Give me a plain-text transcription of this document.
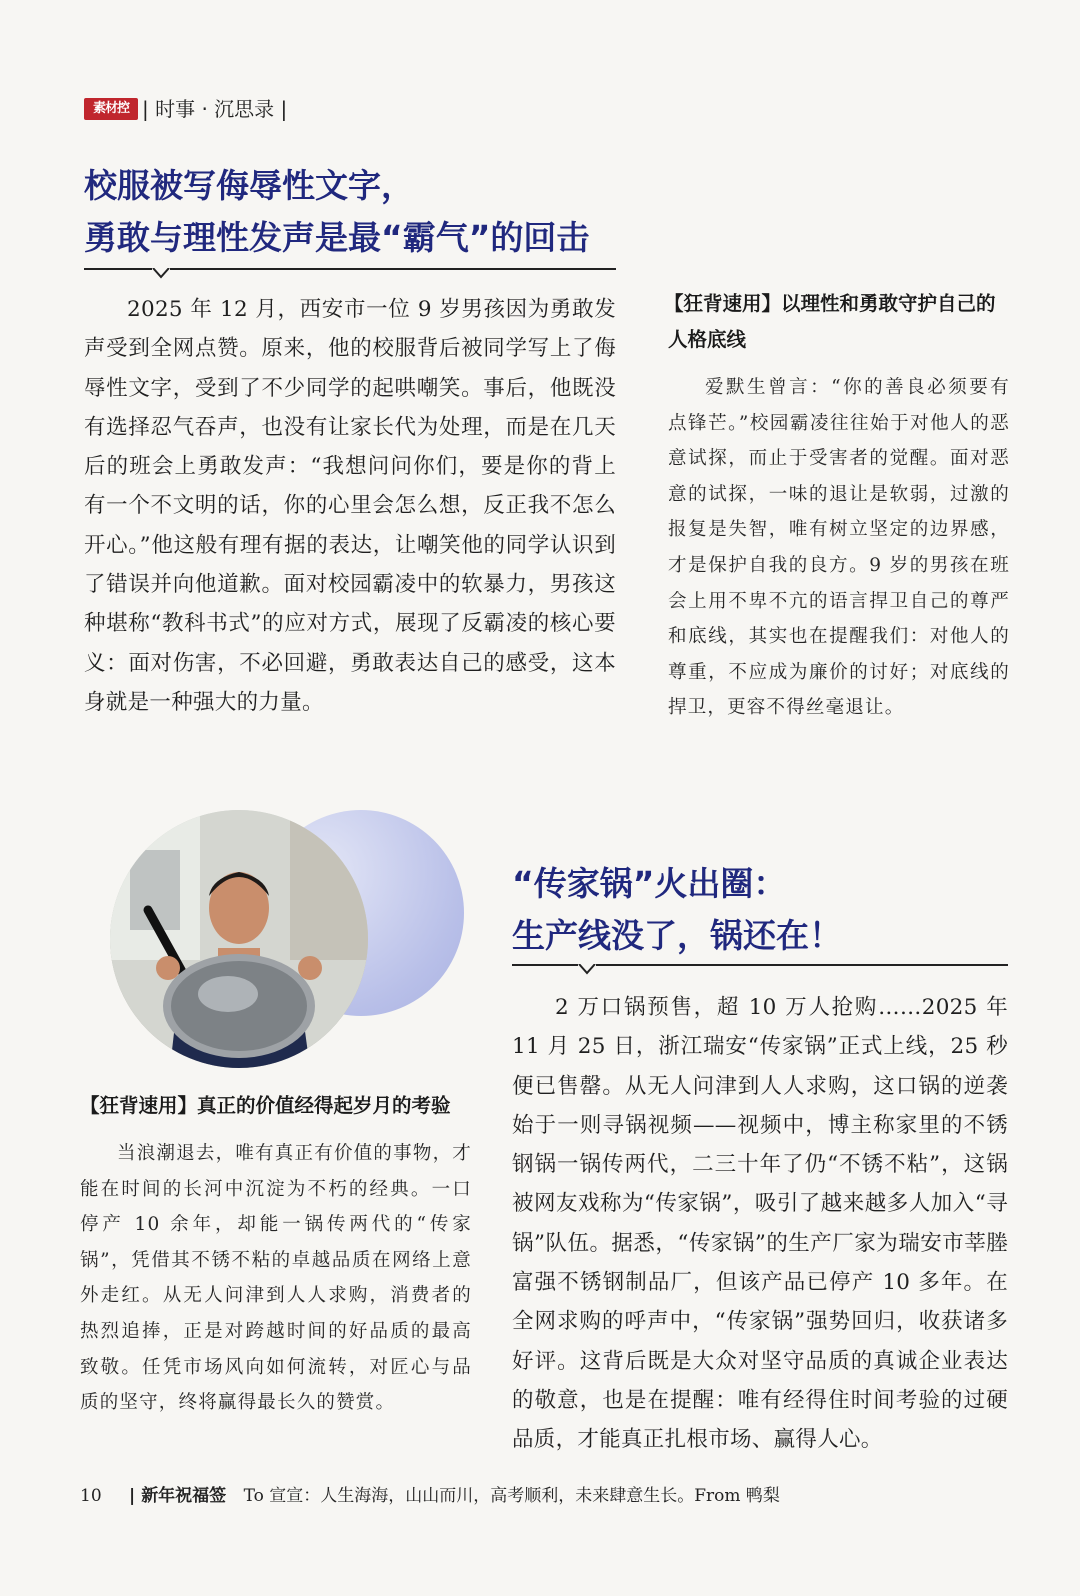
素材控 | 时事 · 沉思录 |
校服被写侮辱性文字，
勇敢与理性发声是最“霸气”的回击

2025 年 12 月，西安市一位 9 岁男孩因为勇敢发声受到全网点赞。原来，他的校服背后被同学写上了侮辱性文字，受到了不少同学的起哄嘲笑。事后，他既没有选择忍气吞声，也没有让家长代为处理，而是在几天后的班会上勇敢发声：“我想问问你们，要是你的背上有一个不文明的话，你的心里会怎么想，反正我不怎么开心。”他这般有理有据的表达，让嘲笑他的同学认识到了错误并向他道歉。面对校园霸凌中的软暴力，男孩这种堪称“教科书式”的应对方式，展现了反霸凌的核心要义：面对伤害，不必回避，勇敢表达自己的感受，这本身就是一种强大的力量。

【狂背速用】以理性和勇敢守护自己的
人格底线

爱默生曾言：“你的善良必须要有点锋芒。”校园霸凌往往始于对他人的恶意试探，而止于受害者的觉醒。面对恶意的试探，一味的退让是软弱，过激的报复是失智，唯有树立坚定的边界感，才是保护自我的良方。9 岁的男孩在班会上用不卑不亢的语言捍卫自己的尊严和底线，其实也在提醒我们：对他人的尊重，不应成为廉价的讨好；对底线的捍卫，更容不得丝毫退让。

【狂背速用】真正的价值经得起岁月的考验

当浪潮退去，唯有真正有价值的事物，才能在时间的长河中沉淀为不朽的经典。一口停产 10 余年，却能一锅传两代的“传家锅”，凭借其不锈不粘的卓越品质在网络上意外走红。从无人问津到人人求购，消费者的热烈追捧，正是对跨越时间的好品质的最高致敬。任凭市场风向如何流转，对匠心与品质的坚守，终将赢得最长久的赞赏。

“传家锅”火出圈：
生产线没了，锅还在！

2 万口锅预售，超 10 万人抢购……2025 年 11 月 25 日，浙江瑞安“传家锅”正式上线，25 秒便已售罄。从无人问津到人人求购，这口锅的逆袭始于一则寻锅视频——视频中，博主称家里的不锈钢锅一锅传两代，二三十年了仍“不锈不粘”，这锅被网友戏称为“传家锅”，吸引了越来越多人加入“寻锅”队伍。据悉，“传家锅”的生产厂家为瑞安市莘塍富强不锈钢制品厂，但该产品已停产 10 多年。在全网求购的呼声中，“传家锅”强势回归，收获诸多好评。这背后既是大众对坚守品质的真诚企业表达的敬意，也是在提醒：唯有经得住时间考验的过硬品质，才能真正扎根市场、赢得人心。

10 | 新年祝福签 To 宣宣：人生海海，山山而川，高考顺利，未来肆意生长。From 鸭梨
